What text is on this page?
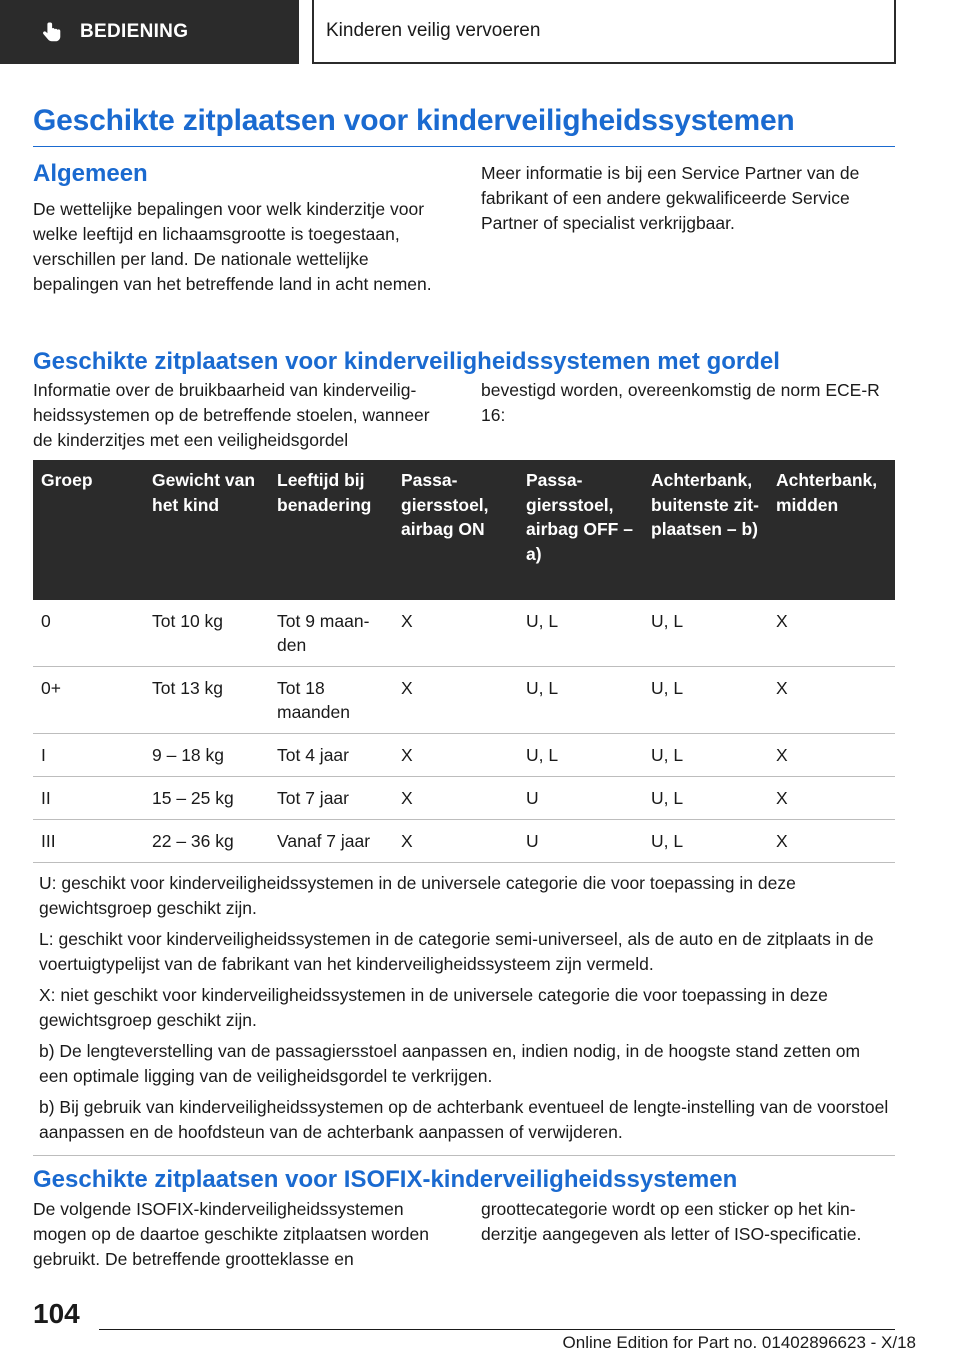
BEDIENING	Kinderen veilig vervoeren
Geschikte zitplaatsen voor kinderveiligheidssystemen
Algemeen
De wettelijke bepalingen voor welk kinderzitje voor welke leeftijd en lichaamsgrootte is toegestaan, verschillen per land. De nationale wettelijke bepalingen van het betreffende land in acht nemen.
Meer informatie is bij een Service Partner van de fabrikant of een andere gekwalificeerde Service Partner of specialist verkrijgbaar.
Geschikte zitplaatsen voor kinderveiligheidssystemen met gordel
Informatie over de bruikbaarheid van kinderveiligheidssystemen op de betreffende stoelen, wanneer de kinderzitjes met een veiligheidsgordel
bevestigd worden, overeenkomstig de norm ECE-R 16:
Groep	Gewicht van het kind	Leeftijd bij benadering	Passagiersstoel, airbag ON	Passagiersstoel, airbag OFF – a)	Achterbank, buitenste zitplaatsen – b)	Achterbank, midden
0	Tot 10 kg	Tot 9 maanden	X	U, L	U, L	X
0+	Tot 13 kg	Tot 18 maanden	X	U, L	U, L	X
I	9 – 18 kg	Tot 4 jaar	X	U, L	U, L	X
II	15 – 25 kg	Tot 7 jaar	X	U	U, L	X
III	22 – 36 kg	Vanaf 7 jaar	X	U	U, L	X

U: geschikt voor kinderveiligheidssystemen in de universele categorie die voor toepassing in deze gewichtsgroep geschikt zijn.

L: geschikt voor kinderveiligheidssystemen in de categorie semi-universeel, als de auto en de zitplaats in de voertuigtypelijst van de fabrikant van het kinderveiligheidssysteem zijn vermeld.

X: niet geschikt voor kinderveiligheidssystemen in de universele categorie die voor toepassing in deze gewichtsgroep geschikt zijn.

b) De lengteverstelling van de passagiersstoel aanpassen en, indien nodig, in de hoogste stand zetten om een optimale ligging van de veiligheidsgordel te verkrijgen.

b) Bij gebruik van kinderveiligheidssystemen op de achterbank eventueel de lengte-instelling van de voorstoel aanpassen en de hoofdsteun van de achterbank aanpassen of verwijderen.						

Geschikte zitplaatsen voor ISOFIX-kinderveiligheidssystemen
De volgende ISOFIX-kinderveiligheidssystemen mogen op de daartoe geschikte zitplaatsen worden gebruikt. De betreffende grootteklasse en
groottecategorie wordt op een sticker op het kinderzitje aangegeven als letter of ISO-specificatie.
104
Online Edition for Part no. 01402896623 - X/18
